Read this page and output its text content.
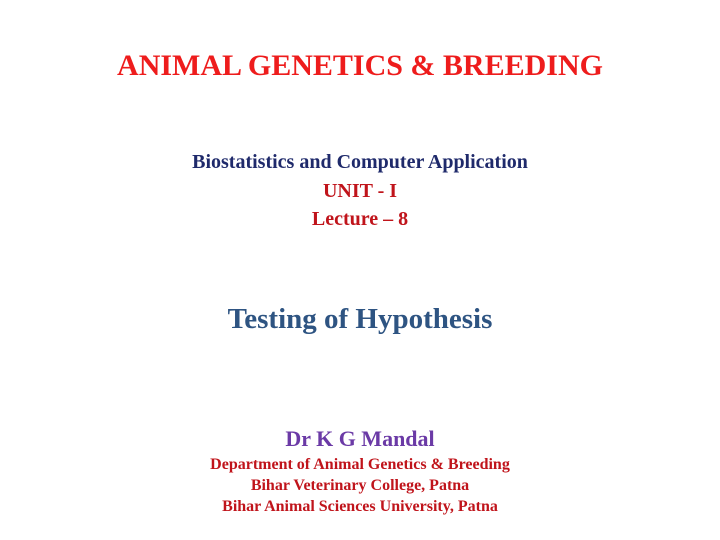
ANIMAL GENETICS & BREEDING
Biostatistics and Computer Application
UNIT - I
Lecture – 8
Testing of Hypothesis
Dr K G Mandal
Department of Animal Genetics & Breeding
Bihar Veterinary College, Patna
Bihar Animal Sciences University, Patna
